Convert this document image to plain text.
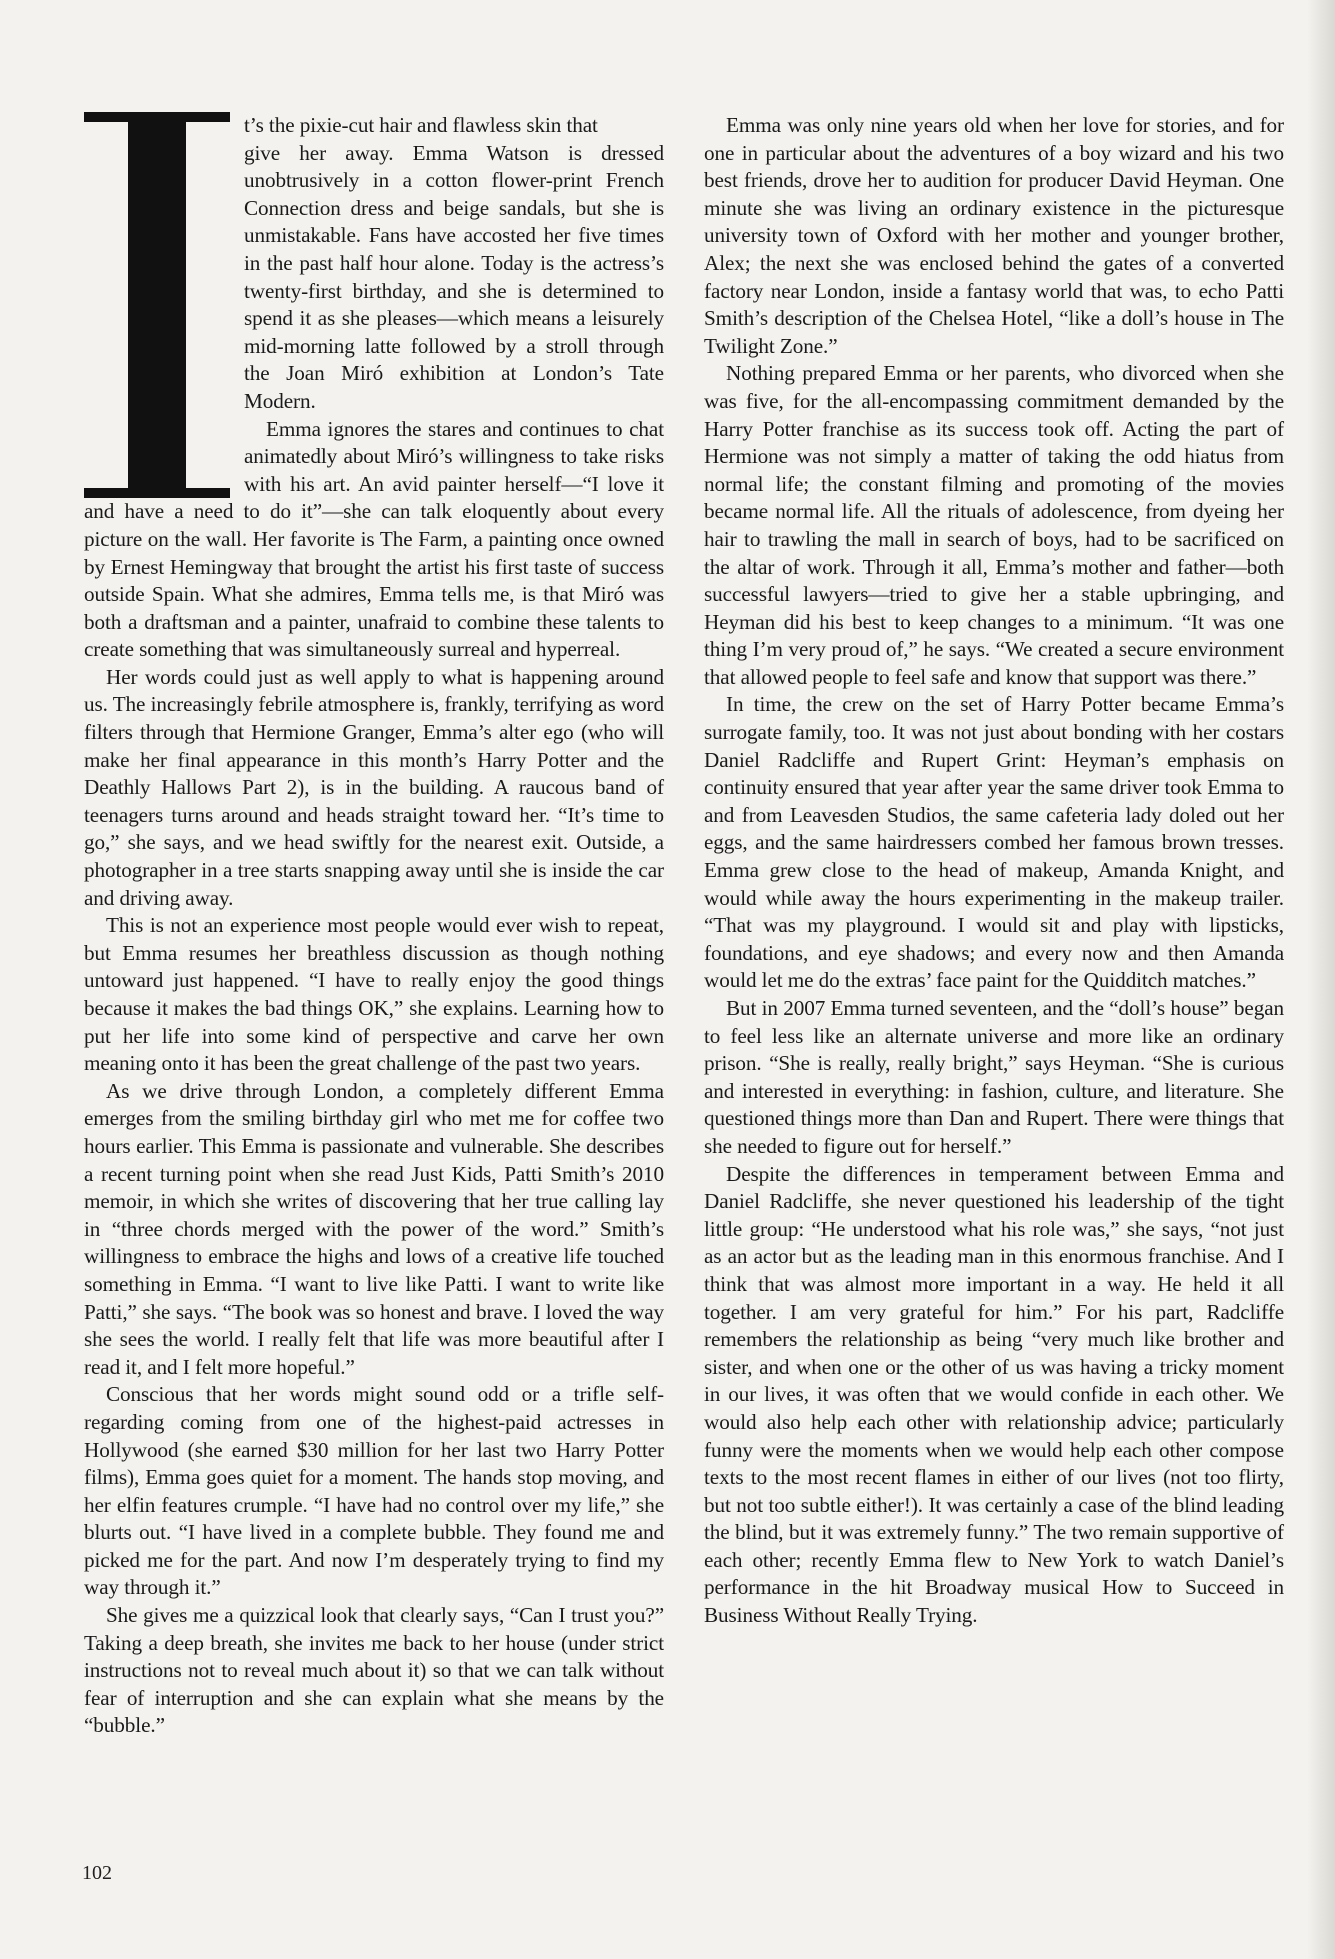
t’s the pixie-cut hair and flawless skin that

give her away. Emma Watson is dressed unobtrusively in a cotton flower-print French Connection dress and beige sandals, but she is unmistakable. Fans have accosted her five times in the past half hour alone. Today is the actress’s twenty-first birthday, and she is determined to spend it as she pleases—which means a leisurely mid-morning latte followed by a stroll through the Joan Miró exhibition at London’s Tate Modern.

Emma ignores the stares and continues to chat animatedly about Miró’s willingness to take risks with his art. An avid painter herself—“I love it and have a need to do it”—she can talk eloquently about every picture on the wall. Her favorite is The Farm, a painting once owned by Ernest Hemingway that brought the artist his first taste of success outside Spain. What she admires, Emma tells me, is that Miró was both a draftsman and a painter, unafraid to combine these talents to create something that was simultaneously surreal and hyperreal.

Her words could just as well apply to what is happening around us. The increasingly febrile atmosphere is, frankly, terrifying as word filters through that Hermione Granger, Emma’s alter ego (who will make her final appearance in this month’s Harry Potter and the Deathly Hallows Part 2), is in the building. A raucous band of teenagers turns around and heads straight toward her. “It’s time to go,” she says, and we head swiftly for the nearest exit. Outside, a photographer in a tree starts snapping away until she is inside the car and driving away.

This is not an experience most people would ever wish to repeat, but Emma resumes her breathless discussion as though nothing untoward just happened. “I have to really enjoy the good things because it makes the bad things OK,” she explains. Learning how to put her life into some kind of perspective and carve her own meaning onto it has been the great challenge of the past two years.

As we drive through London, a completely different Emma emerges from the smiling birthday girl who met me for coffee two hours earlier. This Emma is passionate and vulnerable. She describes a recent turning point when she read Just Kids, Patti Smith’s 2010 memoir, in which she writes of discovering that her true calling lay in “three chords merged with the power of the word.” Smith’s willingness to embrace the highs and lows of a creative life touched something in Emma. “I want to live like Patti. I want to write like Patti,” she says. “The book was so honest and brave. I loved the way she sees the world. I really felt that life was more beautiful after I read it, and I felt more hopeful.”

Conscious that her words might sound odd or a trifle self-regarding coming from one of the highest-paid actresses in Hollywood (she earned $30 million for her last two Harry Potter films), Emma goes quiet for a moment. The hands stop moving, and her elfin features crumple. “I have had no control over my life,” she blurts out. “I have lived in a complete bubble. They found me and picked me for the part. And now I’m desperately trying to find my way through it.”

She gives me a quizzical look that clearly says, “Can I trust you?” Taking a deep breath, she invites me back to her house (under strict instructions not to reveal much about it) so that we can talk without fear of interruption and she can explain what she means by the “bubble.”

Emma was only nine years old when her love for stories, and for one in particular about the adventures of a boy wizard and his two best friends, drove her to audition for producer David Heyman. One minute she was living an ordinary existence in the picturesque university town of Oxford with her mother and younger brother, Alex; the next she was enclosed behind the gates of a converted factory near London, inside a fantasy world that was, to echo Patti Smith’s description of the Chelsea Hotel, “like a doll’s house in The Twilight Zone.”

Nothing prepared Emma or her parents, who divorced when she was five, for the all-encompassing commitment demanded by the Harry Potter franchise as its success took off. Acting the part of Hermione was not simply a matter of taking the odd hiatus from normal life; the constant filming and promoting of the movies became normal life. All the rituals of adolescence, from dyeing her hair to trawling the mall in search of boys, had to be sacrificed on the altar of work. Through it all, Emma’s mother and father—both successful lawyers—tried to give her a stable upbringing, and Heyman did his best to keep changes to a minimum. “It was one thing I’m very proud of,” he says. “We created a secure environment that allowed people to feel safe and know that support was there.”

In time, the crew on the set of Harry Potter became Emma’s surrogate family, too. It was not just about bonding with her costars Daniel Radcliffe and Rupert Grint: Heyman’s emphasis on continuity ensured that year after year the same driver took Emma to and from Leavesden Studios, the same cafeteria lady doled out her eggs, and the same hairdressers combed her famous brown tresses. Emma grew close to the head of makeup, Amanda Knight, and would while away the hours experimenting in the makeup trailer. “That was my playground. I would sit and play with lipsticks, foundations, and eye shadows; and every now and then Amanda would let me do the extras’ face paint for the Quidditch matches.”

But in 2007 Emma turned seventeen, and the “doll’s house” began to feel less like an alternate universe and more like an ordinary prison. “She is really, really bright,” says Heyman. “She is curious and interested in everything: in fashion, culture, and literature. She questioned things more than Dan and Rupert. There were things that she needed to figure out for herself.”

Despite the differences in temperament between Emma and Daniel Radcliffe, she never questioned his leadership of the tight little group: “He understood what his role was,” she says, “not just as an actor but as the leading man in this enormous franchise. And I think that was almost more important in a way. He held it all together. I am very grateful for him.” For his part, Radcliffe remembers the relationship as being “very much like brother and sister, and when one or the other of us was having a tricky moment in our lives, it was often that we would confide in each other. We would also help each other with relationship advice; particularly funny were the moments when we would help each other compose texts to the most recent flames in either of our lives (not too flirty, but not too subtle either!). It was certainly a case of the blind leading the blind, but it was extremely funny.” The two remain supportive of each other; recently Emma flew to New York to watch Daniel’s performance in the hit Broadway musical How to Succeed in Business Without Really Trying.

102
